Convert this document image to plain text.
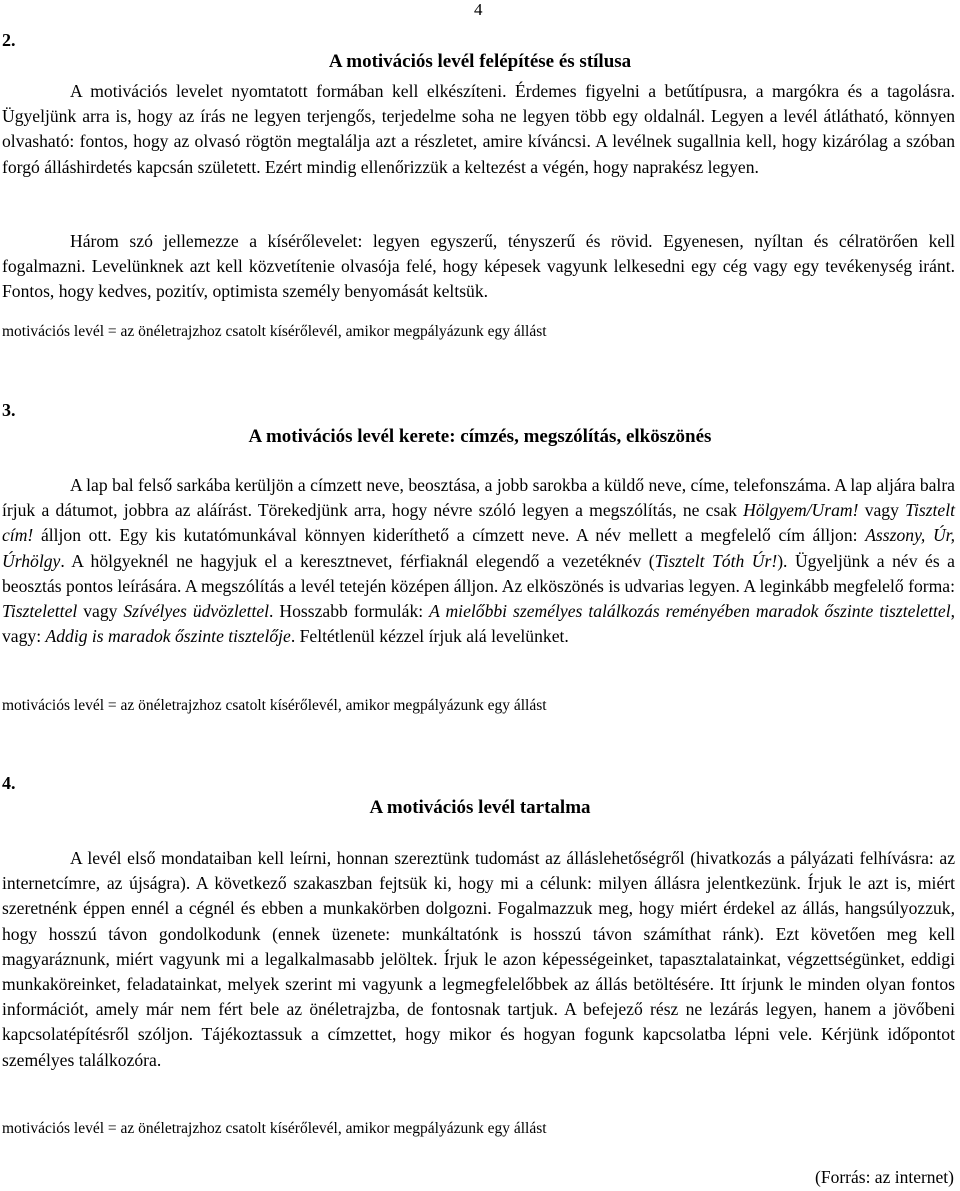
4
2.
A motivációs levél felépítése és stílusa
A motivációs levelet nyomtatott formában kell elkészíteni. Érdemes figyelni a betűtípusra, a margókra és a tagolásra. Ügyeljünk arra is, hogy az írás ne legyen terjengős, terjedelme soha ne legyen több egy oldalnál. Legyen a levél átlátható, könnyen olvasható: fontos, hogy az olvasó rögtön megtalálja azt a részletet, amire kíváncsi. A levélnek sugallnia kell, hogy kizárólag a szóban forgó álláshirdetés kapcsán született. Ezért mindig ellenőrizzük a keltezést a végén, hogy naprakész legyen.
Három szó jellemezze a kísérőlevelet: legyen egyszerű, tényszerű és rövid. Egyenesen, nyíltan és célratörően kell fogalmazni. Levelünknek azt kell közvetítenie olvasója felé, hogy képesek vagyunk lelkesedni egy cég vagy egy tevékenység iránt. Fontos, hogy kedves, pozitív, optimista személy benyomását keltsük.
motivációs levél = az önéletrajzhoz csatolt kísérőlevél, amikor megpályázunk egy állást
3.
A motivációs levél kerete: címzés, megszólítás, elköszönés
A lap bal felső sarkába kerüljön a címzett neve, beosztása, a jobb sarokba a küldő neve, címe, telefonszáma. A lap aljára balra írjuk a dátumot, jobbra az aláírást. Törekedjünk arra, hogy névre szóló legyen a megszólítás, ne csak Hölgyem/Uram! vagy Tisztelt cím! álljon ott. Egy kis kutatómunkával könnyen kideríthető a címzett neve. A név mellett a megfelelő cím álljon: Asszony, Úr, Úrhölgy. A hölgyeknél ne hagyjuk el a keresztnevet, férfiaknál elegendő a vezetéknév (Tisztelt Tóth Úr!). Ügyeljünk a név és a beosztás pontos leírására. A megszólítás a levél tetején középen álljon. Az elköszönés is udvarias legyen. A leginkább megfelelő forma: Tisztelettel vagy Szívélyes üdvözlettel. Hosszabb formulák: A mielőbbi személyes találkozás reményében maradok őszinte tisztelettel, vagy: Addig is maradok őszinte tisztelője. Feltétlenül kézzel írjuk alá levelünket.
motivációs levél = az önéletrajzhoz csatolt kísérőlevél, amikor megpályázunk egy állást
4.
A motivációs levél tartalma
A levél első mondataiban kell leírni, honnan szereztünk tudomást az álláslehetőségről (hivatkozás a pályázati felhívásra: az internetcímre, az újságra). A következő szakaszban fejtsük ki, hogy mi a célunk: milyen állásra jelentkezünk. Írjuk le azt is, miért szeretnénk éppen ennél a cégnél és ebben a munkakörben dolgozni. Fogalmazzuk meg, hogy miért érdekel az állás, hangsúlyozzuk, hogy hosszú távon gondolkodunk (ennek üzenete: munkáltatónk is hosszú távon számíthat ránk). Ezt követően meg kell magyaráznunk, miért vagyunk mi a legalkalmasabb jelöltek. Írjuk le azon képességeinket, tapasztalatainkat, végzettségünket, eddigi munkaköreinket, feladatainkat, melyek szerint mi vagyunk a legmegfelelőbbek az állás betöltésére. Itt írjunk le minden olyan fontos információt, amely már nem fért bele az önéletrajzba, de fontosnak tartjuk. A befejező rész ne lezárás legyen, hanem a jövőbeni kapcsolatépítésről szóljon. Tájékoztassuk a címzettet, hogy mikor és hogyan fogunk kapcsolatba lépni vele. Kérjünk időpontot személyes találkozóra.
motivációs levél = az önéletrajzhoz csatolt kísérőlevél, amikor megpályázunk egy állást
(Forrás: az internet)
